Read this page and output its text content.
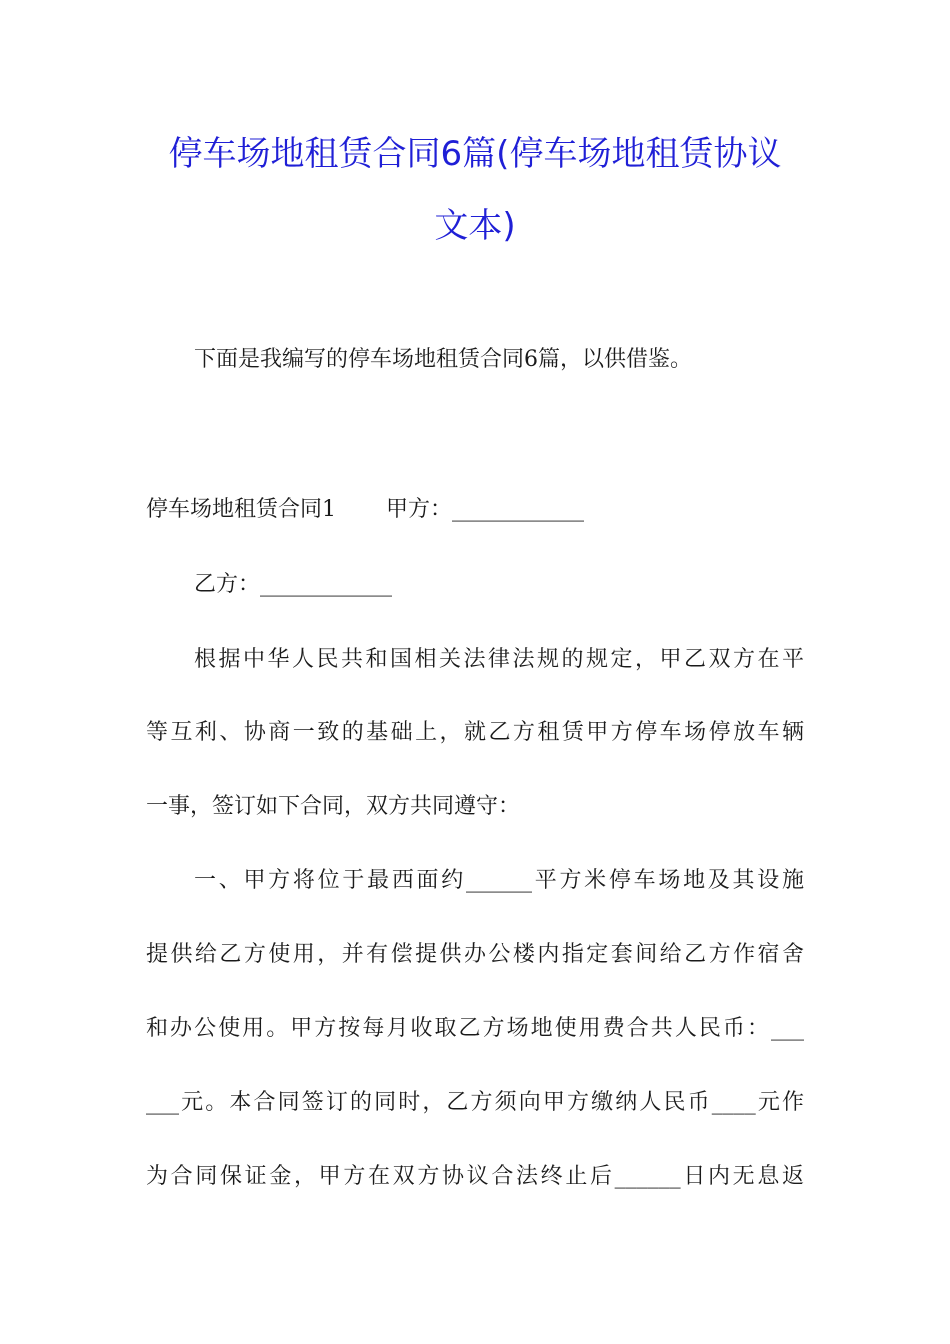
停车场地租赁合同6篇(停车场地租赁协议
文本)

下面是我编写的停车场地租赁合同6篇，以供借鉴。

停车场地租赁合同1 甲方：____________

乙方：____________

根据中华人民共和国相关法律法规的规定，甲乙双方在平

等互利、协商一致的基础上，就乙方租赁甲方停车场停放车辆

一事，签订如下合同，双方共同遵守：

一、甲方将位于最西面约______平方米停车场地及其设施

提供给乙方使用，并有偿提供办公楼内指定套间给乙方作宿舍

和办公使用。甲方按每月收取乙方场地使用费合共人民币：___

___元。本合同签订的同时，乙方须向甲方缴纳人民币____元作

为合同保证金，甲方在双方协议合法终止后______日内无息返
